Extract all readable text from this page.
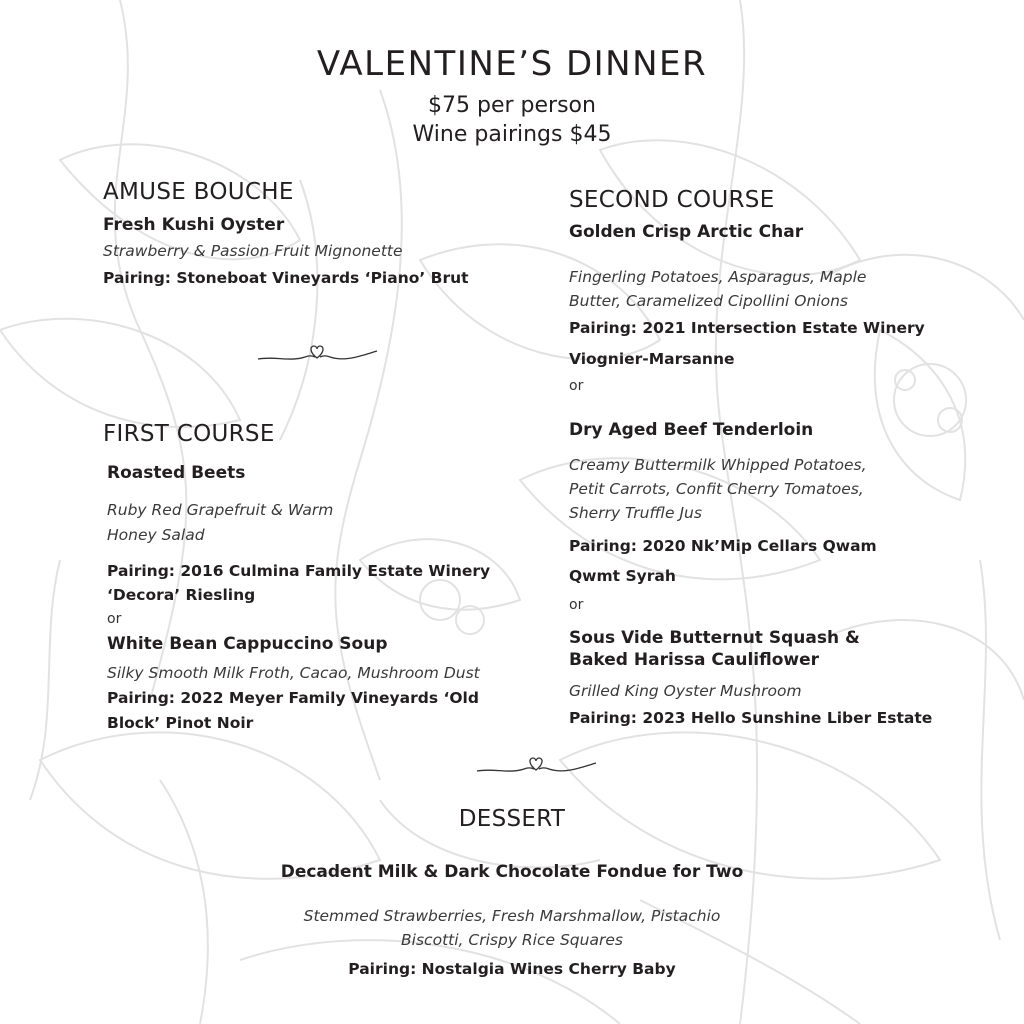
VALENTINE’S DINNER
$75 per person
Wine pairings $45
AMUSE BOUCHE
Fresh Kushi Oyster
Strawberry & Passion Fruit Mignonette
Pairing: Stoneboat Vineyards ‘Piano’ Brut
FIRST COURSE
Roasted Beets
Ruby Red Grapefruit & Warm
Honey Salad
Pairing: 2016 Culmina Family Estate Winery
‘Decora’ Riesling
or
White Bean Cappuccino Soup
Silky Smooth Milk Froth, Cacao, Mushroom Dust
Pairing: 2022 Meyer Family Vineyards ‘Old
Block’ Pinot Noir
SECOND COURSE
Golden Crisp Arctic Char
Fingerling Potatoes, Asparagus, Maple
Butter, Caramelized Cipollini Onions
Pairing: 2021 Intersection Estate Winery
Viognier-Marsanne
or
Dry Aged Beef Tenderloin
Creamy Buttermilk Whipped Potatoes,
Petit Carrots, Confit Cherry Tomatoes,
Sherry Truffle Jus
Pairing: 2020 Nk’Mip Cellars Qwam
Qwmt Syrah
or
Sous Vide Butternut Squash &
Baked Harissa Cauliflower
Grilled King Oyster Mushroom
Pairing: 2023 Hello Sunshine Liber Estate
DESSERT
Decadent Milk & Dark Chocolate Fondue for Two
Stemmed Strawberries, Fresh Marshmallow, Pistachio
Biscotti, Crispy Rice Squares
Pairing: Nostalgia Wines Cherry Baby
